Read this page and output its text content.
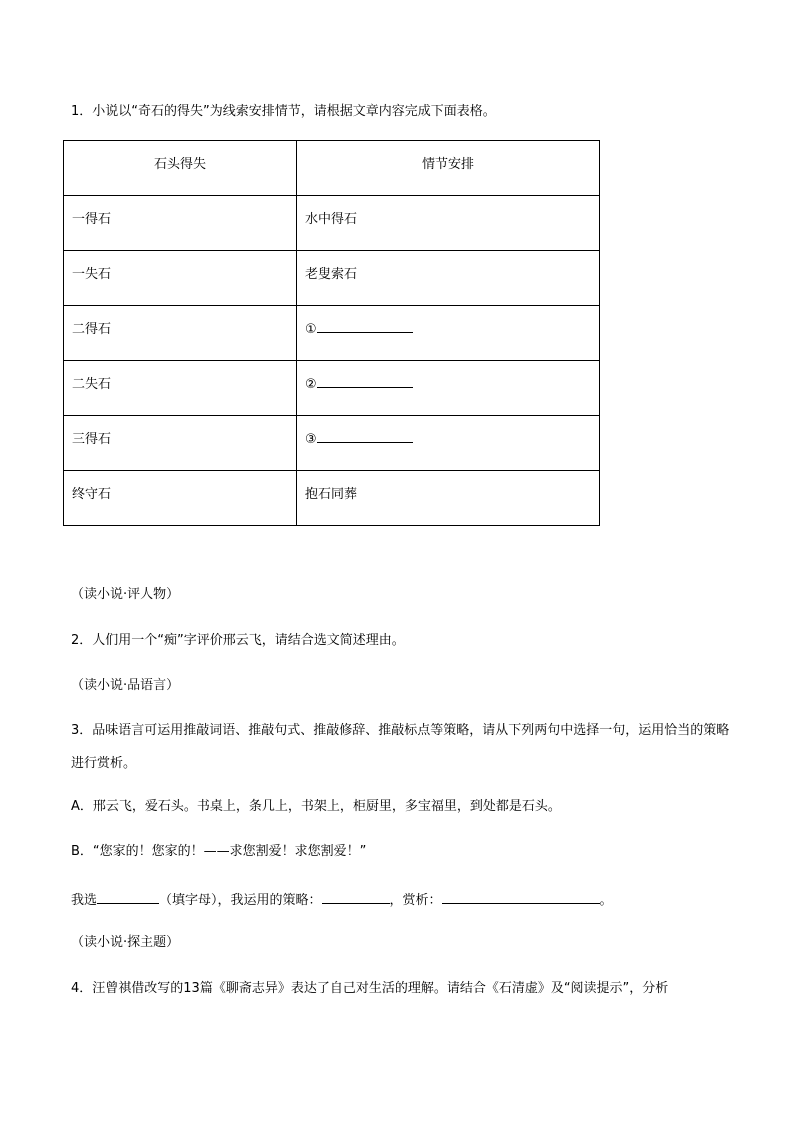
1．小说以“奇石的得失”为线索安排情节，请根据文章内容完成下面表格。
石头得失	情节安排
一得石	水中得石
一失石	老叟索石
二得石	①
二失石	②
三得石	③
终守石	抱石同葬
（读小说·评人物）
2．人们用一个“痴”字评价邢云飞，请结合选文简述理由。
（读小说·品语言）
3．品味语言可运用推敲词语、推敲句式、推敲修辞、推敲标点等策略，请从下列两句中选择一句，运用恰当的策略进行赏析。
A．邢云飞，爱石头。书桌上，条几上，书架上，柜厨里，多宝福里，到处都是石头。
B．“您家的！您家的！——求您割爱！求您割爱！”
我选	（填字母），我运用的策略：	，赏析：	。
（读小说·探主题）
4．汪曾祺借改写的13篇《聊斋志异》表达了自己对生活的理解。请结合《石清虚》及“阅读提示”，分析
